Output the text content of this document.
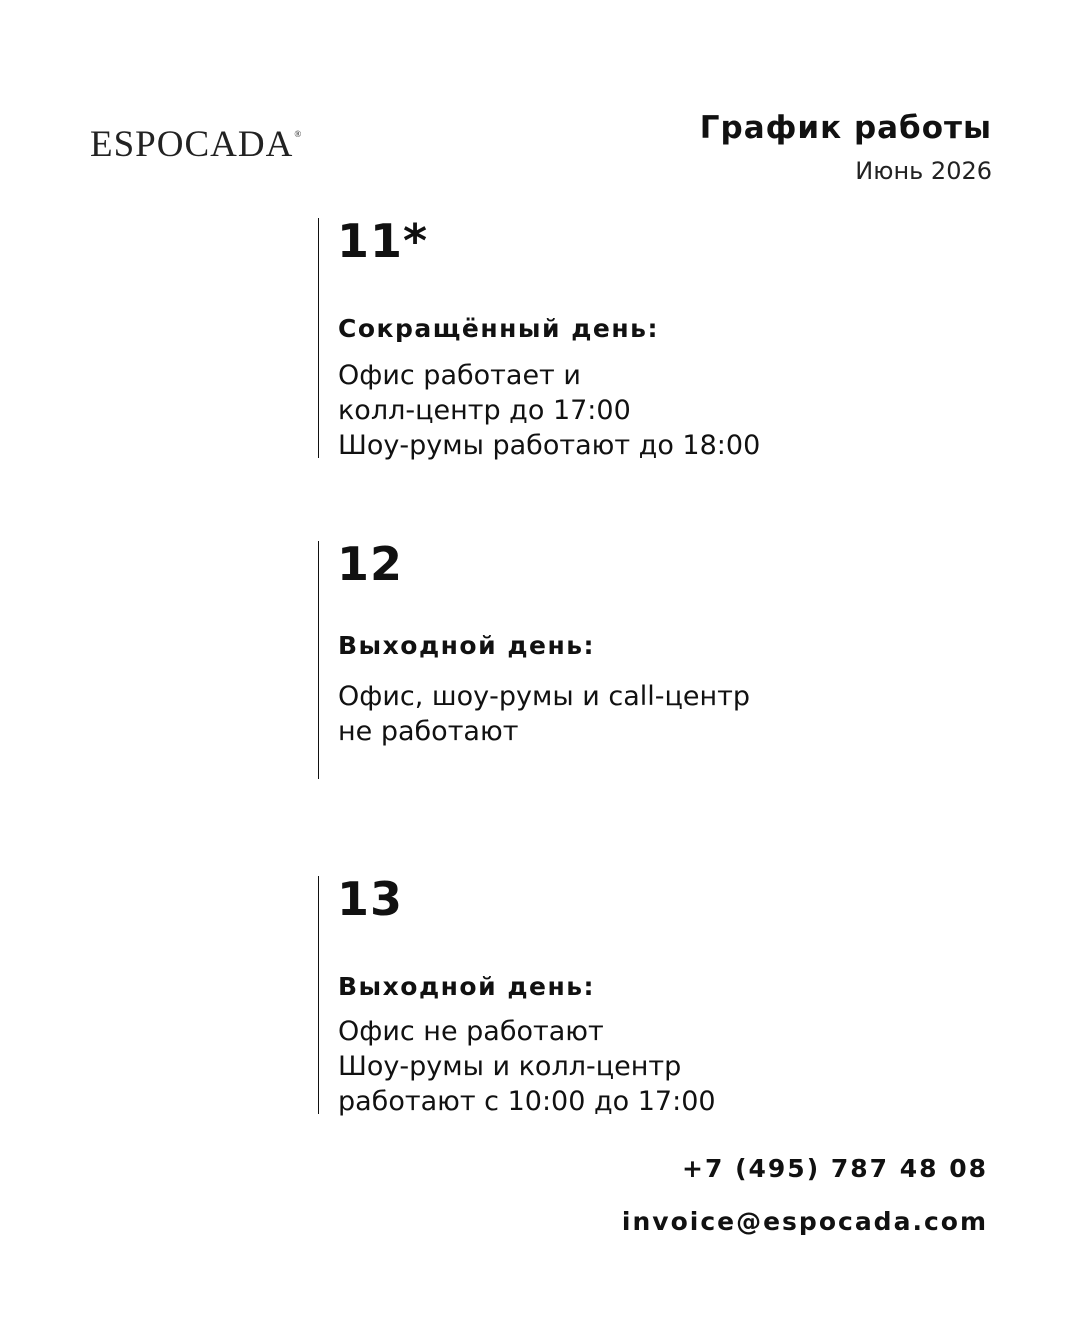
ESPOCADA®	График работы
Июнь 2026
11*
Сокращённый день:
Офис работает и
колл-центр до 17:00
Шоу-румы работают до 18:00
12
Выходной день:
Офис, шоу-румы и call-центр
не работают
13
Выходной день:
Офис не работают
Шоу-румы и колл-центр
работают с 10:00 до 17:00
+7 (495) 787 48 08
invoice@espocada.com
